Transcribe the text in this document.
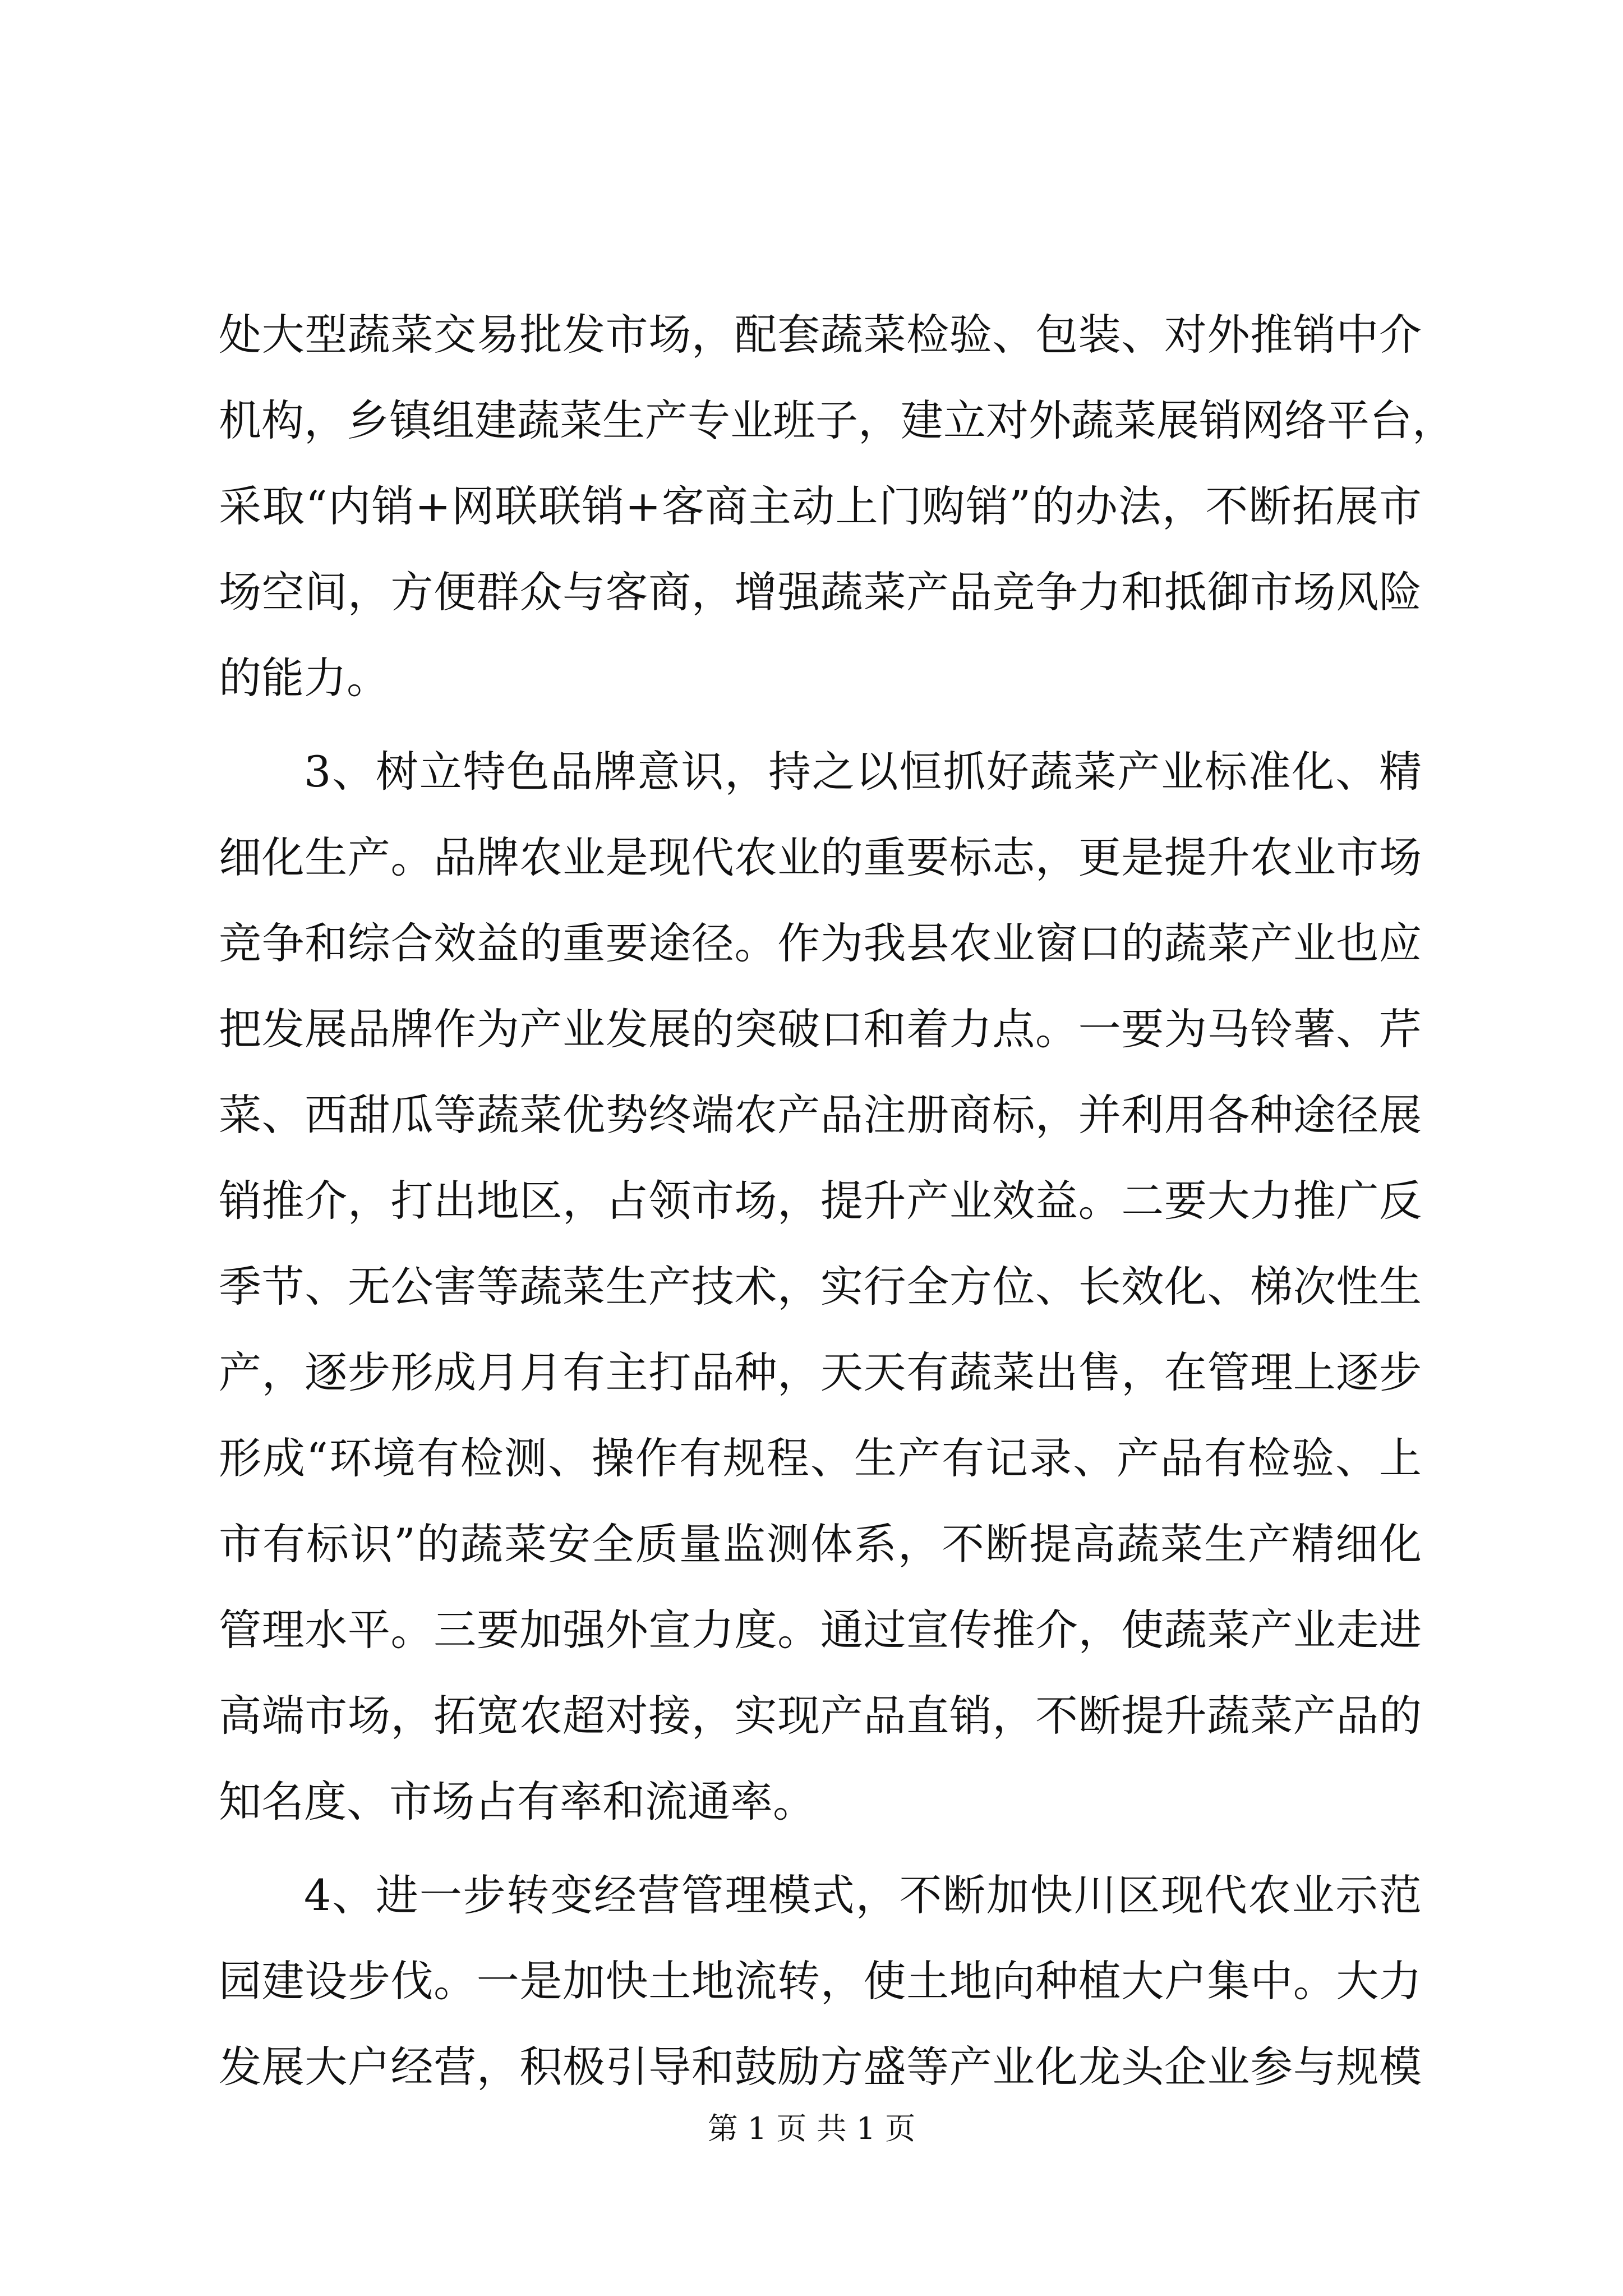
处大型蔬菜交易批发市场，配套蔬菜检验、包装、对外推销中介
机构，乡镇组建蔬菜生产专业班子，建立对外蔬菜展销网络平台，
采取“内销+网联联销+客商主动上门购销”的办法，不断拓展市
场空间，方便群众与客商，增强蔬菜产品竞争力和抵御市场风险
的能力。
3、树立特色品牌意识，持之以恒抓好蔬菜产业标准化、精
细化生产。品牌农业是现代农业的重要标志，更是提升农业市场
竞争和综合效益的重要途径。作为我县农业窗口的蔬菜产业也应
把发展品牌作为产业发展的突破口和着力点。一要为马铃薯、芹
菜、西甜瓜等蔬菜优势终端农产品注册商标，并利用各种途径展
销推介，打出地区，占领市场，提升产业效益。二要大力推广反
季节、无公害等蔬菜生产技术，实行全方位、长效化、梯次性生
产，逐步形成月月有主打品种，天天有蔬菜出售，在管理上逐步
形成“环境有检测、操作有规程、生产有记录、产品有检验、上
市有标识”的蔬菜安全质量监测体系，不断提高蔬菜生产精细化
管理水平。三要加强外宣力度。通过宣传推介，使蔬菜产业走进
高端市场，拓宽农超对接，实现产品直销，不断提升蔬菜产品的
知名度、市场占有率和流通率。
4、进一步转变经营管理模式，不断加快川区现代农业示范
园建设步伐。一是加快土地流转，使土地向种植大户集中。大力
发展大户经营，积极引导和鼓励方盛等产业化龙头企业参与规模
第 1 页 共 1 页
